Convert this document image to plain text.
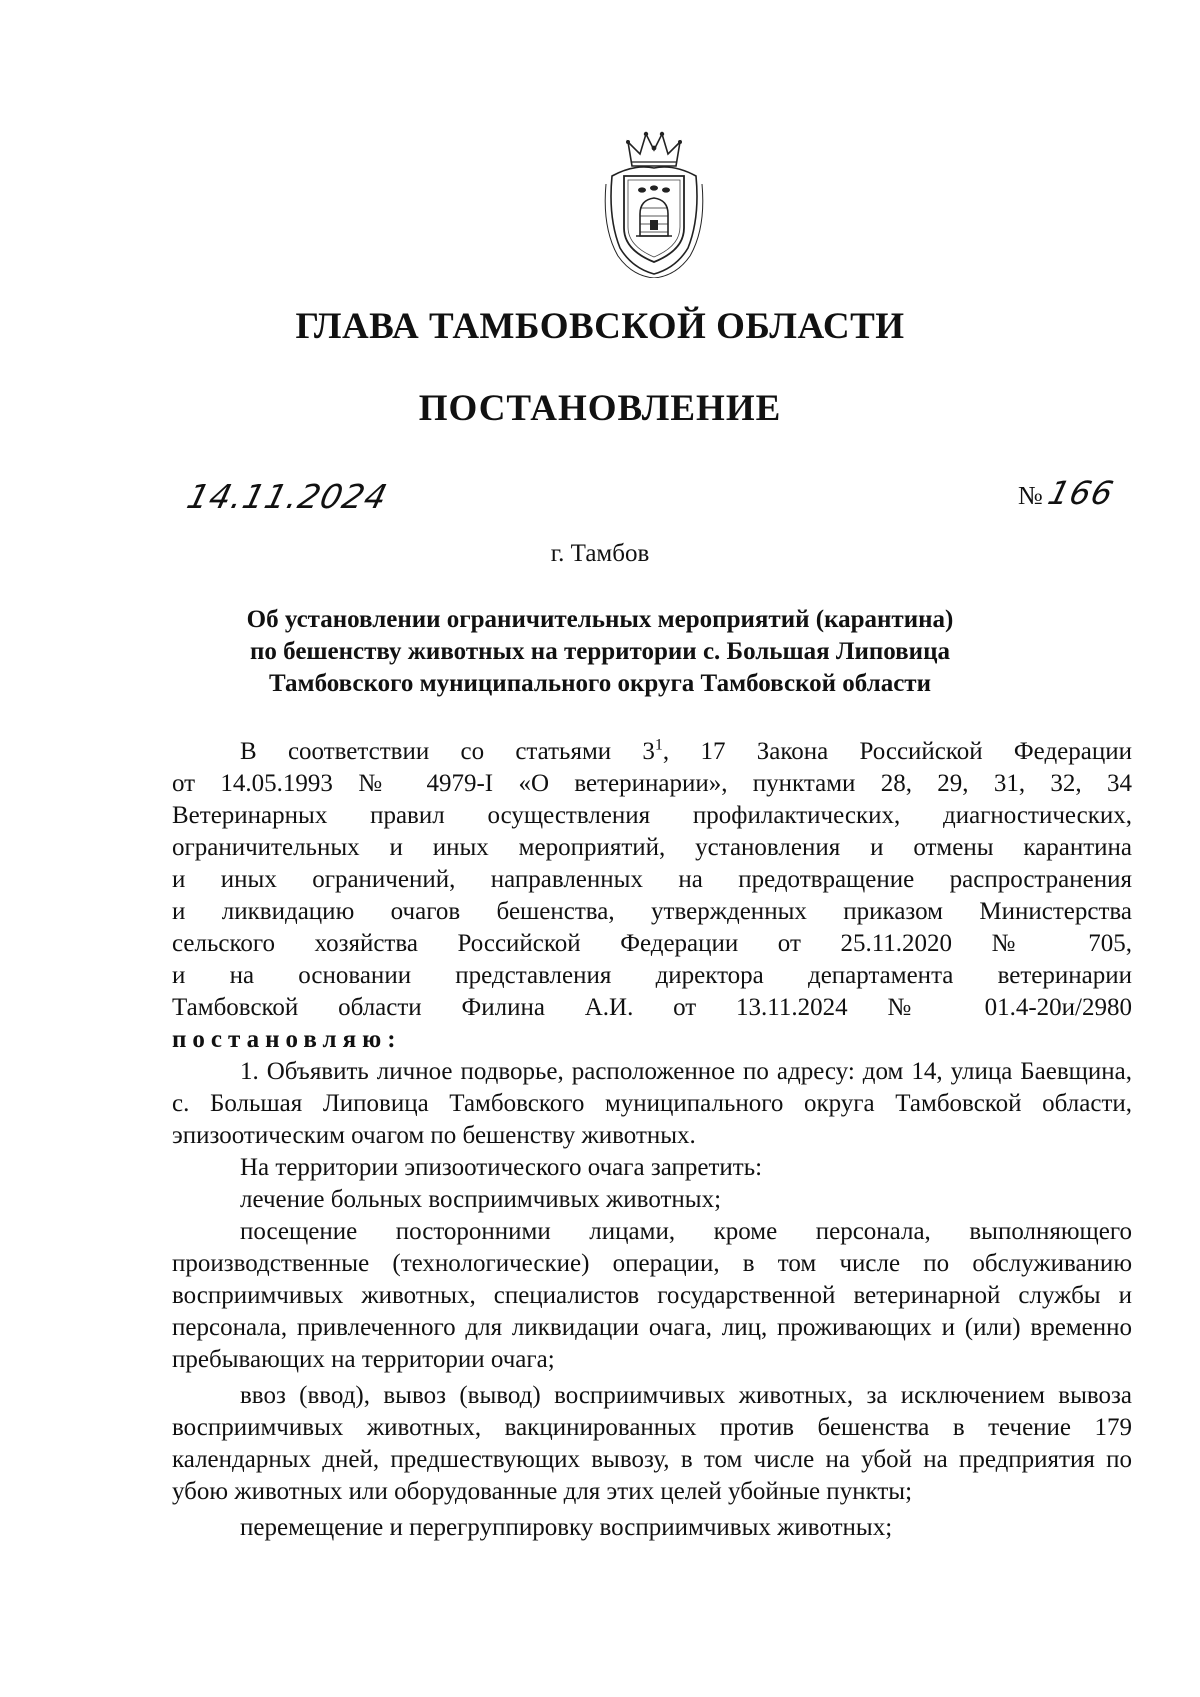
ГЛАВА ТАМБОВСКОЙ ОБЛАСТИ
ПОСТАНОВЛЕНИЕ
14.11.2024	№166
г. Тамбов
Об установлении ограничительных мероприятий (карантина)
по бешенству животных на территории с. Большая Липовица
Тамбовского муниципального округа Тамбовской области
В соответствии со статьями $3^1$, 17 Закона Российской Федерации
от 14.05.1993 № 4979-I «О ветеринарии», пунктами 28, 29, 31, 32, 34
Ветеринарных правил осуществления профилактических, диагностических,
ограничительных и иных мероприятий, установления и отмены карантина
и иных ограничений, направленных на предотвращение распространения
и ликвидацию очагов бешенства, утвержденных приказом Министерства
сельского хозяйства Российской Федерации от 25.11.2020 № 705,
и на основании представления директора департамента ветеринарии
Тамбовской области Филина А.И. от 13.11.2024 № 01.4-20и/2980
постановляю:

1. Объявить личное подворье, расположенное по адресу: дом 14, улица Баевщина, с. Большая Липовица Тамбовского муниципального округа Тамбовской области, эпизоотическим очагом по бешенству животных.

На территории эпизоотического очага запретить:

лечение больных восприимчивых животных;

посещение посторонними лицами, кроме персонала, выполняющего производственные (технологические) операции, в том числе по обслуживанию восприимчивых животных, специалистов государственной ветеринарной службы и персонала, привлеченного для ликвидации очага, лиц, проживающих и (или) временно пребывающих на территории очага;

ввоз (ввод), вывоз (вывод) восприимчивых животных, за исключением вывоза восприимчивых животных, вакцинированных против бешенства в течение 179 календарных дней, предшествующих вывозу, в том числе на убой на предприятия по убою животных или оборудованные для этих целей убойные пункты;

перемещение и перегруппировку восприимчивых животных;
